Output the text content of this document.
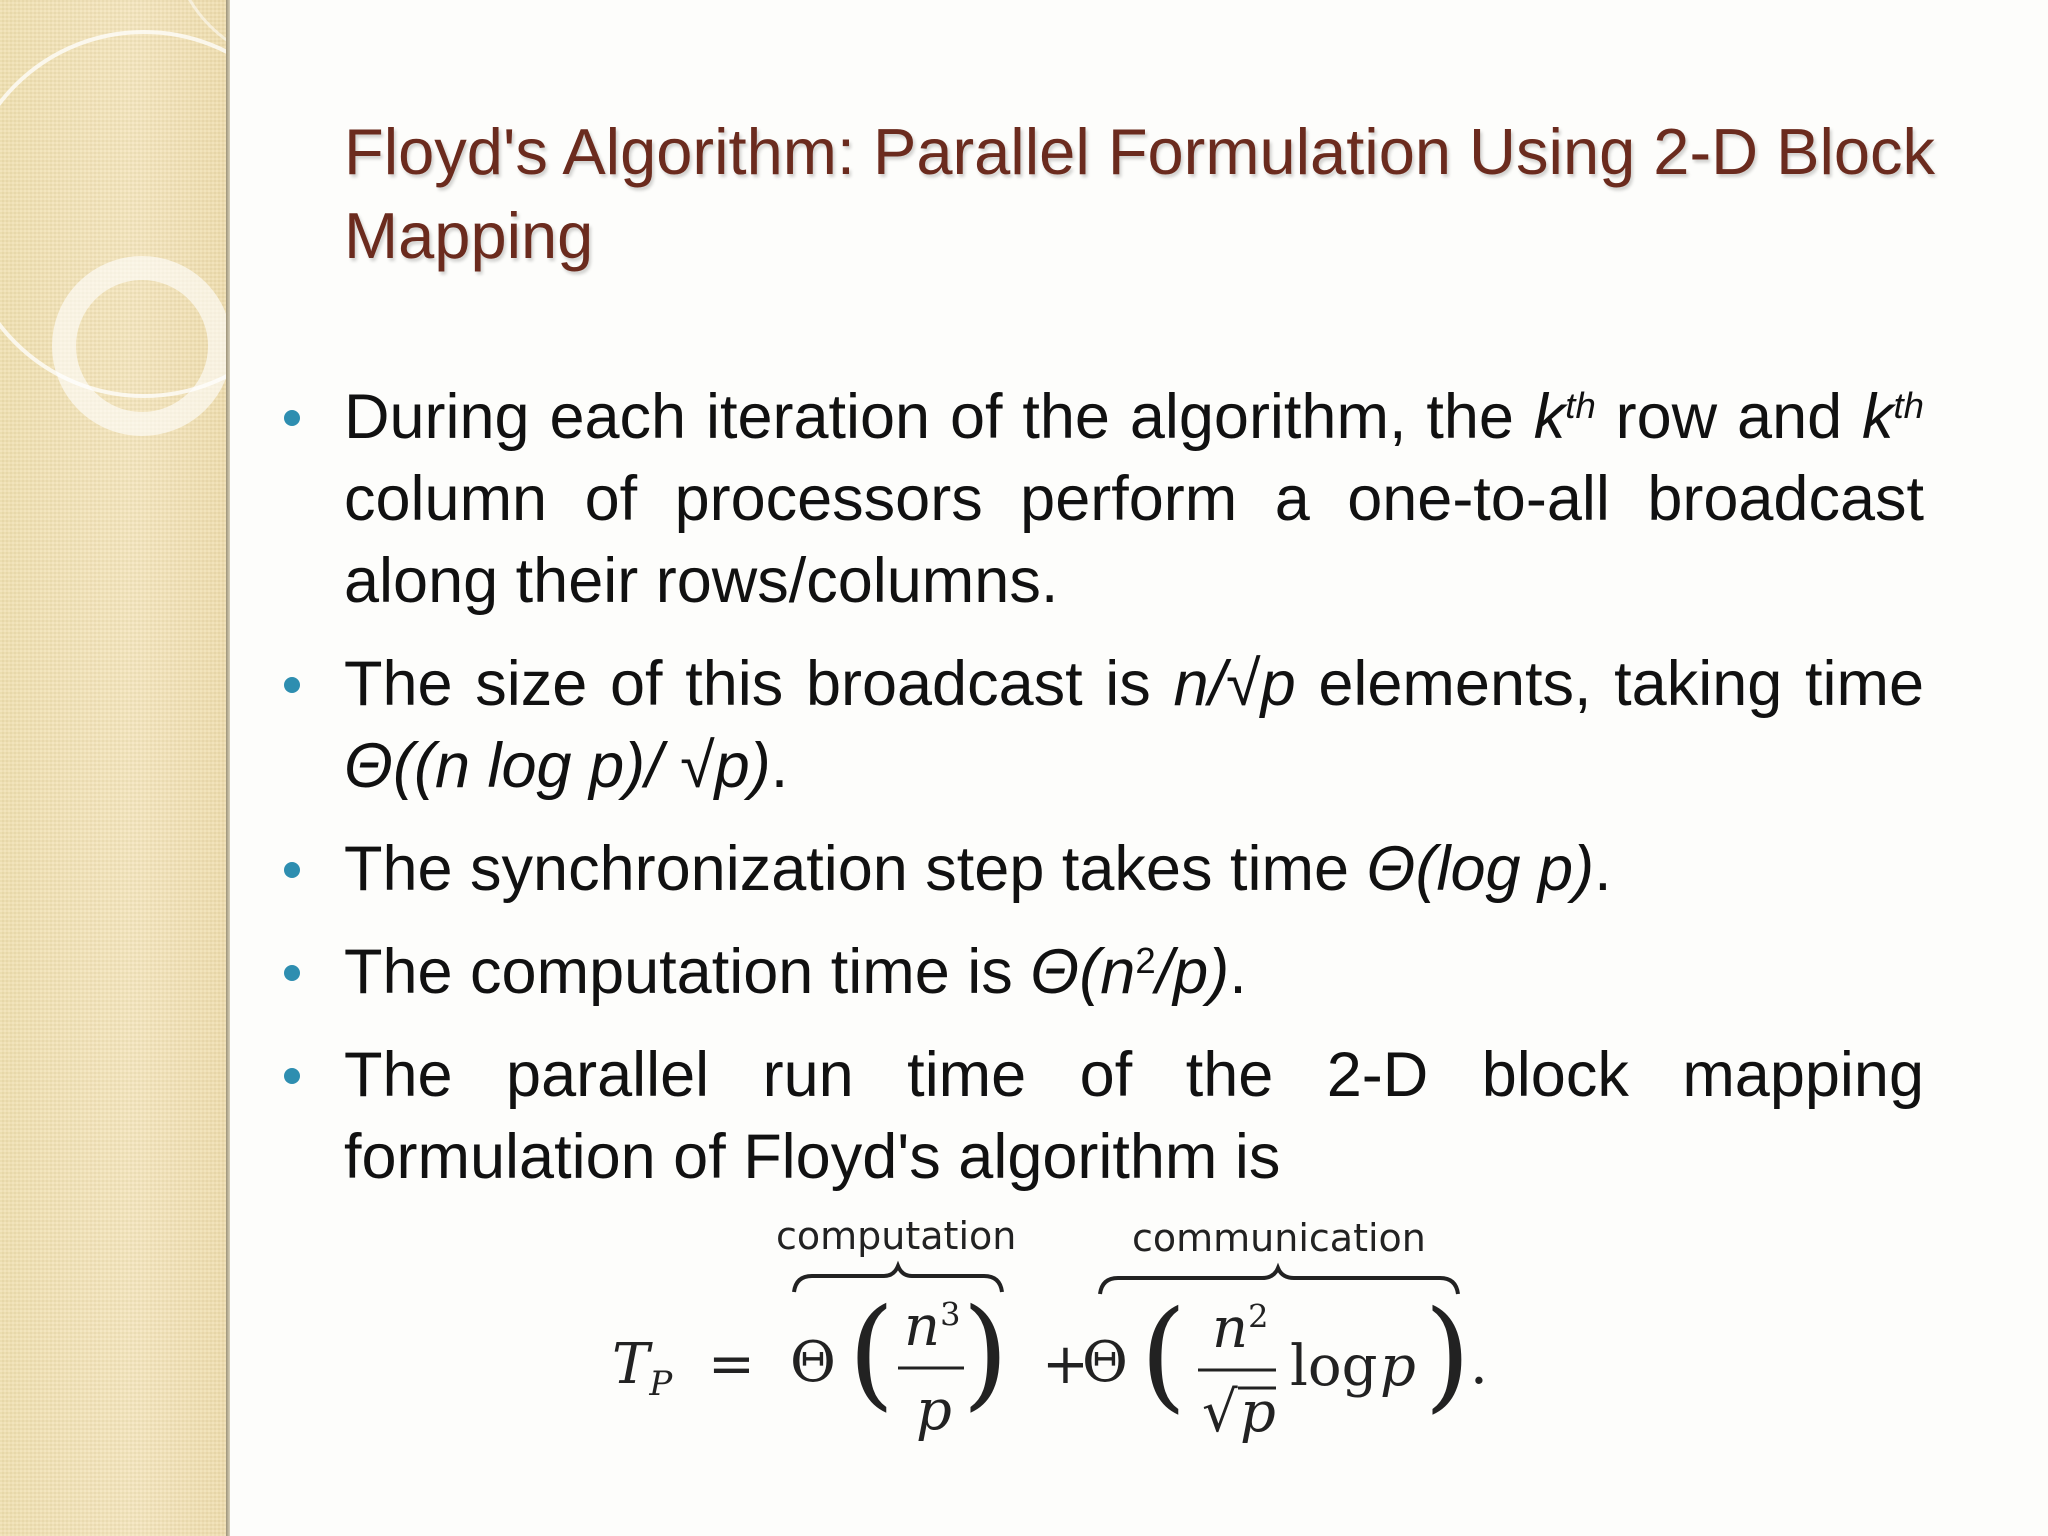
Floyd's Algorithm: Parallel Formulation Using 2-D Block Mapping
During each iteration of the algorithm, the $k^{th}$ row and $k^{th}$ column of processors perform a one-to-all broadcast along their rows/columns.
The size of this broadcast is n/√p elements, taking time Θ((n log p)/ √p).
The synchronization step takes time Θ(log p).
The computation time is $\Theta(n^2/p)$.
The parallel run time of the 2-D block mapping formulation of Floyd's algorithm is
computation	communication
$T_P = \Theta$ ( $n^3$
p ) +
Θ ( $n^2$
√ p
log p ) .
